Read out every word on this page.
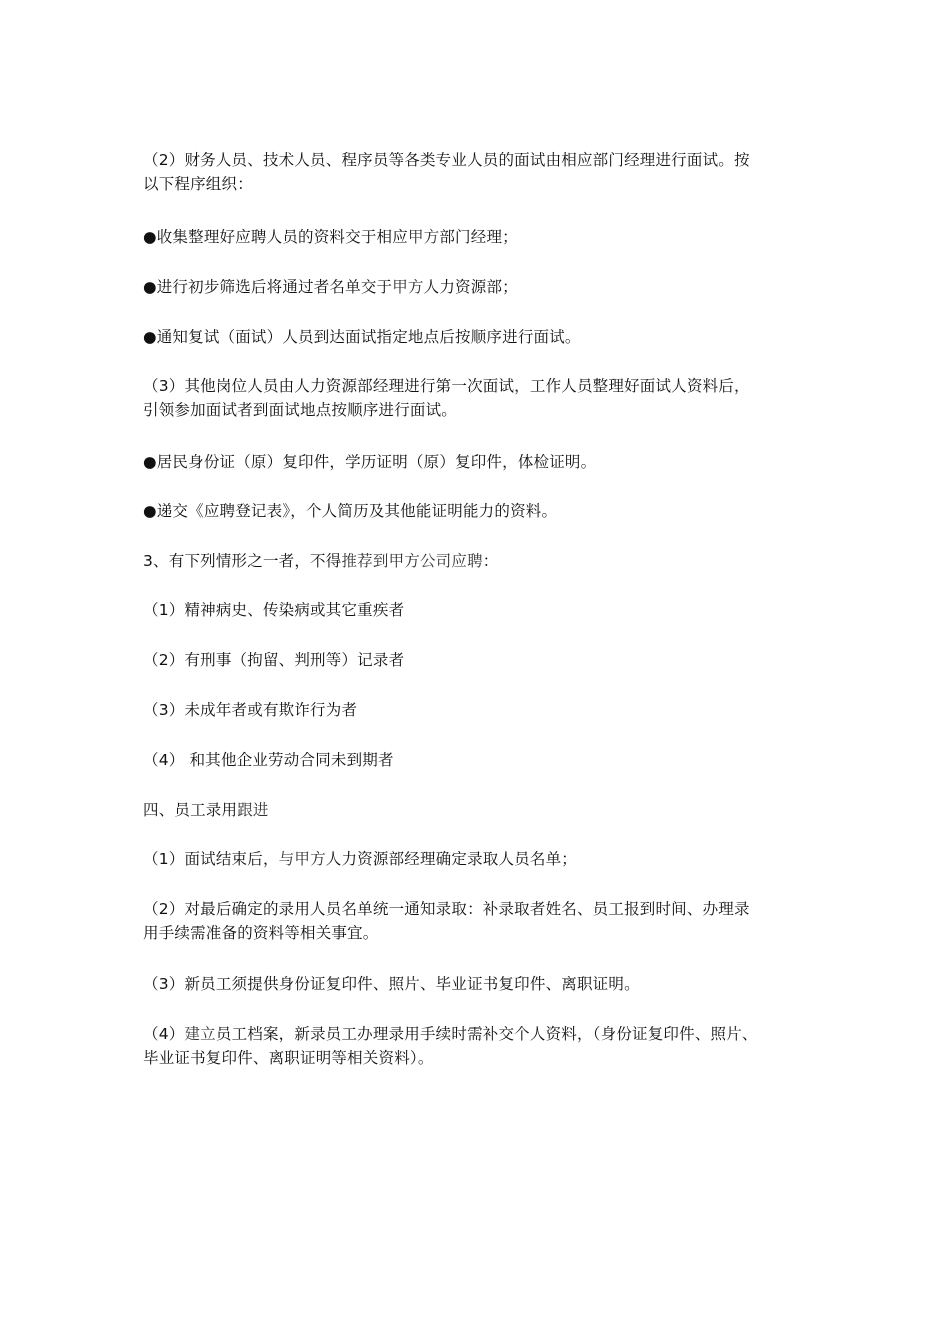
（2）财务人员、技术人员、程序员等各类专业人员的面试由相应部门经理进行面试。按
以下程序组织：
●收集整理好应聘人员的资料交于相应甲方部门经理；
●进行初步筛选后将通过者名单交于甲方人力资源部；
●通知复试（面试）人员到达面试指定地点后按顺序进行面试。
（3）其他岗位人员由人力资源部经理进行第一次面试，工作人员整理好面试人资料后，
引领参加面试者到面试地点按顺序进行面试。
●居民身份证（原）复印件，学历证明（原）复印件，体检证明。
●递交《应聘登记表》，个人简历及其他能证明能力的资料。
3、有下列情形之一者，不得推荐到甲方公司应聘：
（1）精神病史、传染病或其它重疾者
（2）有刑事（拘留、判刑等）记录者
（3）未成年者或有欺诈行为者
（4） 和其他企业劳动合同未到期者
四、员工录用跟进
（1）面试结束后，与甲方人力资源部经理确定录取人员名单；
（2）对最后确定的录用人员名单统一通知录取：补录取者姓名、员工报到时间、办理录
用手续需准备的资料等相关事宜。
（3）新员工须提供身份证复印件、照片、毕业证书复印件、离职证明。
（4）建立员工档案，新录员工办理录用手续时需补交个人资料，（身份证复印件、照片、
毕业证书复印件、离职证明等相关资料）。
